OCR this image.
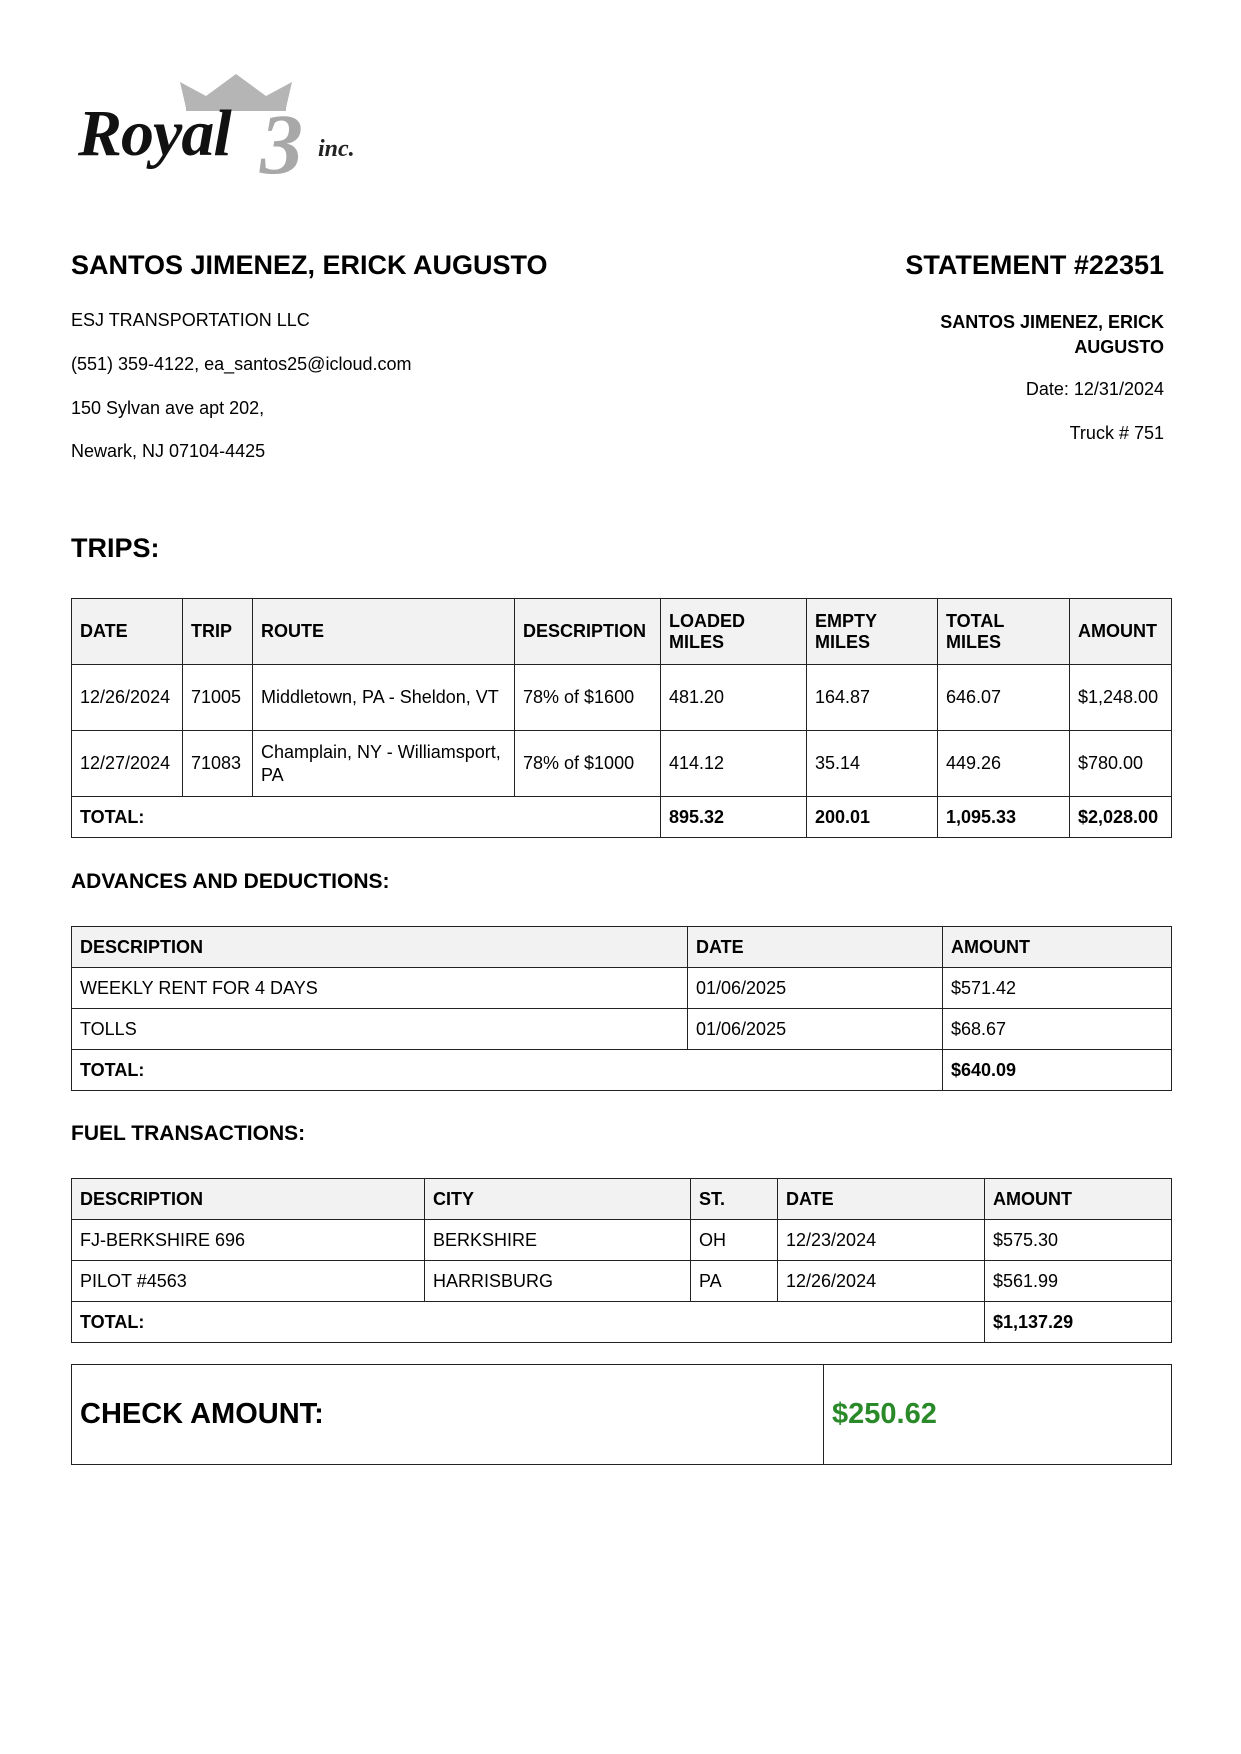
Royal 3 inc.
SANTOS JIMENEZ, ERICK AUGUSTO
ESJ TRANSPORTATION LLC
(551) 359-4122, ea_santos25@icloud.com
150 Sylvan ave apt 202,
Newark, NJ 07104-4425
STATEMENT #22351
SANTOS JIMENEZ, ERICK AUGUSTO
Date: 12/31/2024
Truck # 751
TRIPS:
DATE	TRIP	ROUTE	DESCRIPTION	LOADED MILES	EMPTY MILES	TOTAL MILES	AMOUNT
12/26/2024	71005	Middletown, PA - Sheldon, VT	78% of $1600	481.20	164.87	646.07	$1,248.00
12/27/2024	71083	Champlain, NY - Williamsport, PA	78% of $1000	414.12	35.14	449.26	$780.00
TOTAL:				895.32	200.01	1,095.33	$2,028.00
ADVANCES AND DEDUCTIONS:
DESCRIPTION	DATE	AMOUNT
WEEKLY RENT FOR 4 DAYS	01/06/2025	$571.42
TOLLS	01/06/2025	$68.67
TOTAL:		$640.09
FUEL TRANSACTIONS:
DESCRIPTION	CITY	ST.	DATE	AMOUNT
FJ-BERKSHIRE 696	BERKSHIRE	OH	12/23/2024	$575.30
PILOT #4563	HARRISBURG	PA	12/26/2024	$561.99
TOTAL:				$1,137.29
CHECK AMOUNT:	$250.62
